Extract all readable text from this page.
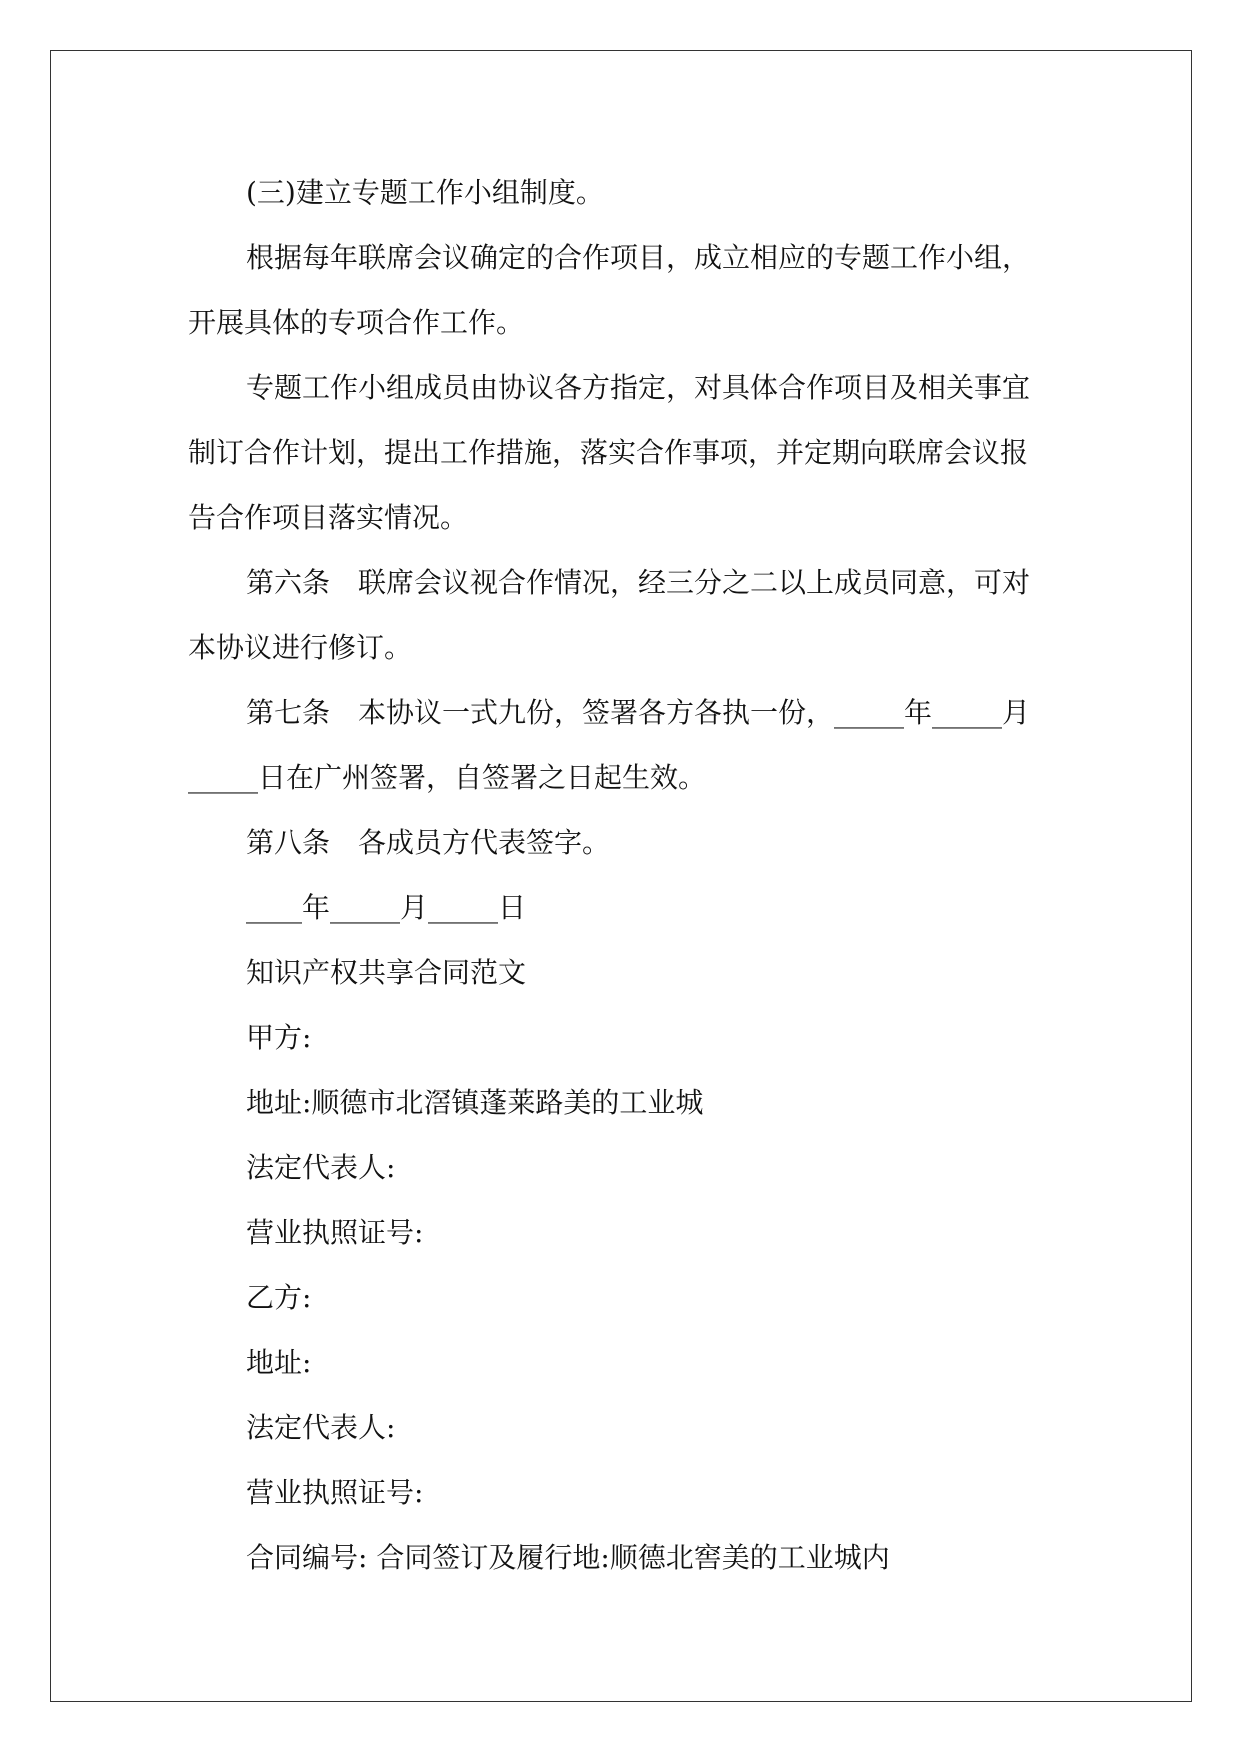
(三)建立专题工作小组制度。

根据每年联席会议确定的合作项目，成立相应的专题工作小组，

开展具体的专项合作工作。

专题工作小组成员由协议各方指定，对具体合作项目及相关事宜

制订合作计划，提出工作措施，落实合作事项，并定期向联席会议报

告合作项目落实情况。

第六条　联席会议视合作情况，经三分之二以上成员同意，可对

本协议进行修订。

第七条　本协议一式九份，签署各方各执一份，_____年_____月

_____日在广州签署，自签署之日起生效。

第八条　各成员方代表签字。

____年_____月_____日

知识产权共享合同范文

甲方:

地址:顺德市北滘镇蓬莱路美的工业城

法定代表人:

营业执照证号:

乙方:

地址:

法定代表人:

营业执照证号:

合同编号: 合同签订及履行地:顺德北窖美的工业城内
